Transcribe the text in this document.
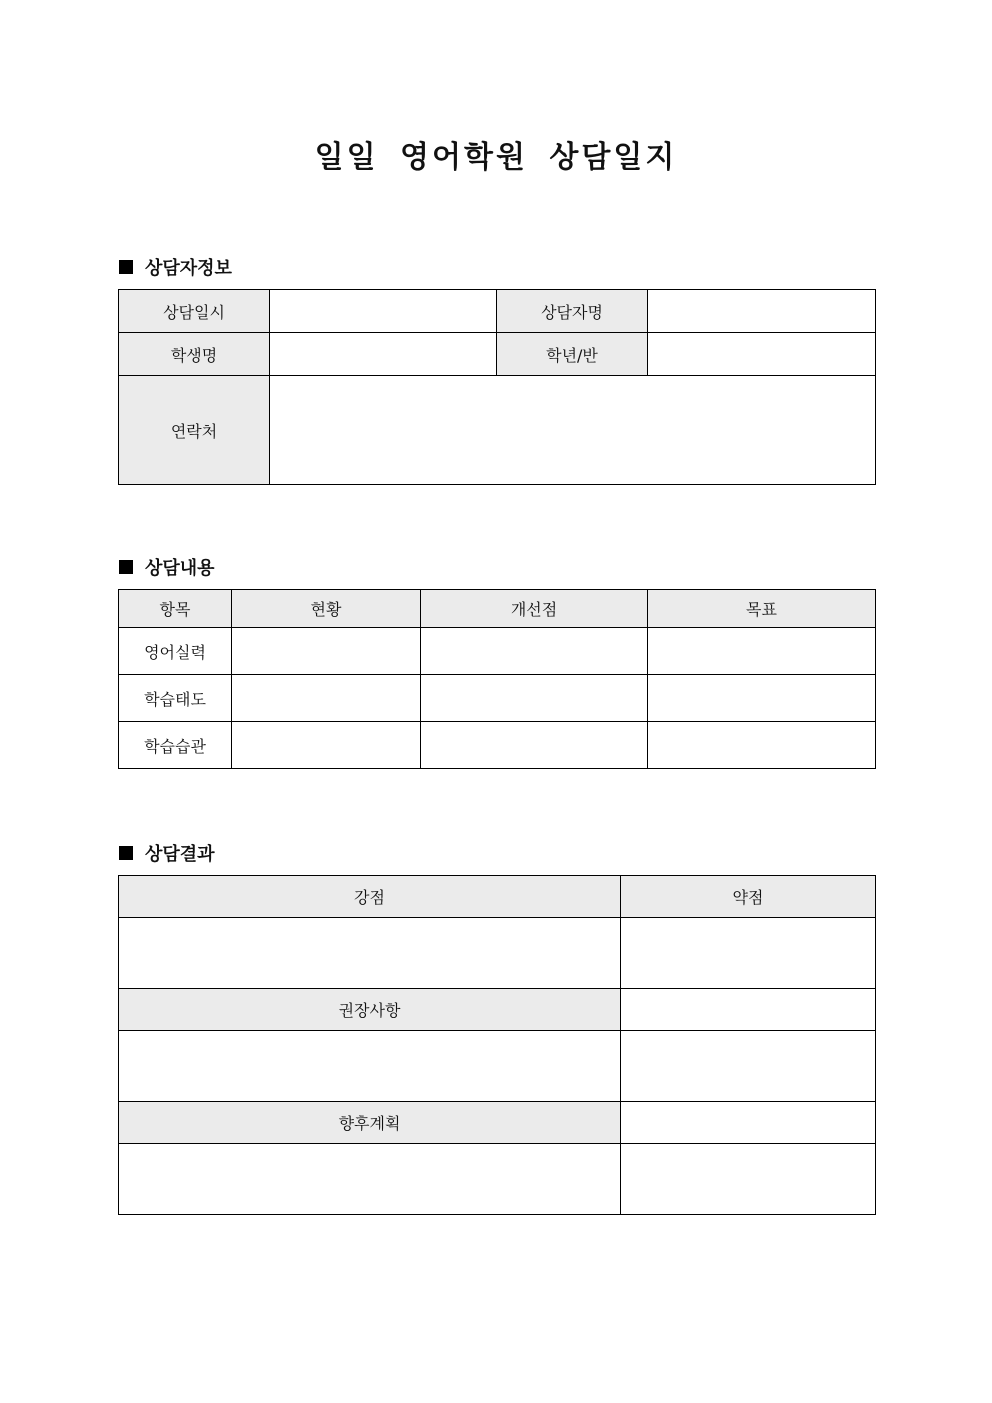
일일 영어학원 상담일지
상담자정보
상담일시		상담자명	
학생명		학년/반	
연락처			
상담내용
항목	현황	개선점	목표
영어실력			
학습태도			
학습습관			
상담결과
강점	약점

권장사항	

향후계획	
